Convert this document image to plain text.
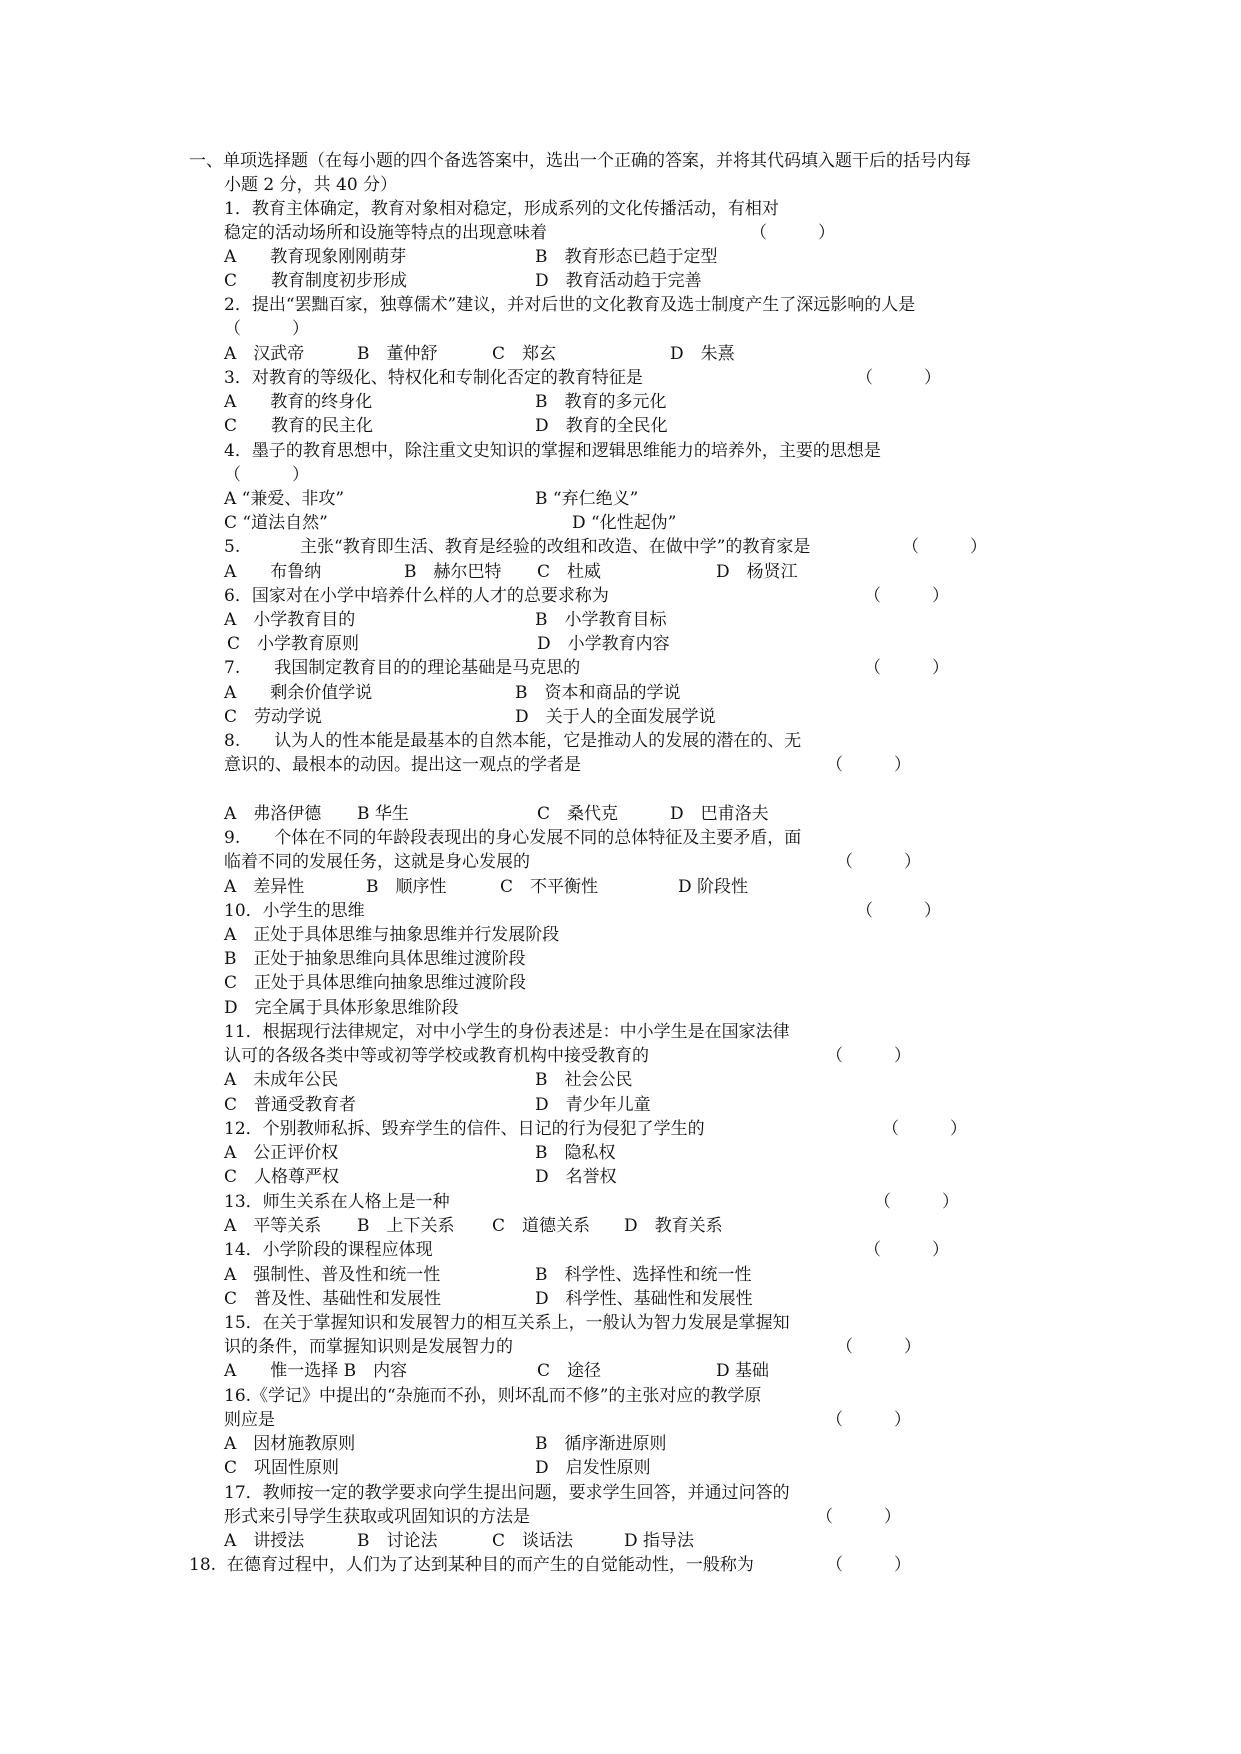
一、单项选择题（在每小题的四个备选答案中，选出一个正确的答案，并将其代码填入题干后的括号内每
小题 2 分，共 40 分）
1．教育主体确定，教育对象相对稳定，形成系列的文化传播活动，有相对
稳定的活动场所和设施等特点的出现意味着	（　　　）
A　　教育现象刚刚萌芽	B　教育形态已趋于定型
C　　教育制度初步形成	D　教育活动趋于完善
2．提出“罢黜百家，独尊儒术”建议，并对后世的文化教育及选士制度产生了深远影响的人是
（　　　）
A　汉武帝	B　董仲舒	C　郑玄	D　朱熹
3．对教育的等级化、特权化和专制化否定的教育特征是	（　　　）
A　　教育的终身化	B　教育的多元化
C　　教育的民主化	D　教育的全民化
4．墨子的教育思想中，除注重文史知识的掌握和逻辑思维能力的培养外，主要的思想是
（　　　）
A “兼爱、非攻”	B “弃仁绝义”
C “道法自然”	D “化性起伪”
5.	主张“教育即生活、教育是经验的改组和改造、在做中学”的教育家是	（　　　）
A　　布鲁纳	B　赫尔巴特 C　杜威	D　杨贤江
6．国家对在小学中培养什么样的人才的总要求称为	（　　　）
A　小学教育目的	B　小学教育目标
C　小学教育原则	D　小学教育内容
7.　　我国制定教育目的的理论基础是马克思的	（　　　）
A　　剩余价值学说	B　资本和商品的学说
C　劳动学说	D　关于人的全面发展学说
8.　　认为人的性本能是最基本的自然本能，它是推动人的发展的潜在的、无
意识的、最根本的动因。提出这一观点的学者是	（　　　）
A　弗洛伊德 B 华生	C　桑代克	D　巴甫洛夫
9.　　个体在不同的年龄段表现出的身心发展不同的总体特征及主要矛盾，面
临着不同的发展任务，这就是身心发展的	（　　　）
A　差异性	B　顺序性	C　不平衡性	D 阶段性
10．小学生的思维	（　　　）
A　正处于具体思维与抽象思维并行发展阶段
B　正处于抽象思维向具体思维过渡阶段
C　正处于具体思维向抽象思维过渡阶段
D　完全属于具体形象思维阶段
11．根据现行法律规定，对中小学生的身份表述是：中小学生是在国家法律
认可的各级各类中等或初等学校或教育机构中接受教育的	（　　　）
A　未成年公民	B　社会公民
C　普通受教育者	D　青少年儿童
12．个别教师私拆、毁弃学生的信件、日记的行为侵犯了学生的	（　　　）
A　公正评价权	B　隐私权
C　人格尊严权	D　名誉权
13．师生关系在人格上是一种	（　　　）
A　平等关系 B　上下关系 C　道德关系 D　教育关系
14．小学阶段的课程应体现	（　　　）
A　强制性、普及性和统一性	B　科学性、选择性和统一性
C　普及性、基础性和发展性	D　科学性、基础性和发展性
15．在关于掌握知识和发展智力的相互关系上，一般认为智力发展是掌握知
识的条件，而掌握知识则是发展智力的	（　　　）
A　　惟一选择 B　内容	C　途径	D 基础
16.《学记》中提出的“杂施而不孙，则坏乱而不修”的主张对应的教学原
则应是	（　　　）
A　因材施教原则	B　循序渐进原则
C　巩固性原则	D　启发性原则
17．教师按一定的教学要求向学生提出问题，要求学生回答，并通过问答的
形式来引导学生获取或巩固知识的方法是	（　　　）
A　讲授法	B　讨论法	C　谈话法	D 指导法
18.  在德育过程中，人们为了达到某种目的而产生的自觉能动性，一般称为	（　　　）
